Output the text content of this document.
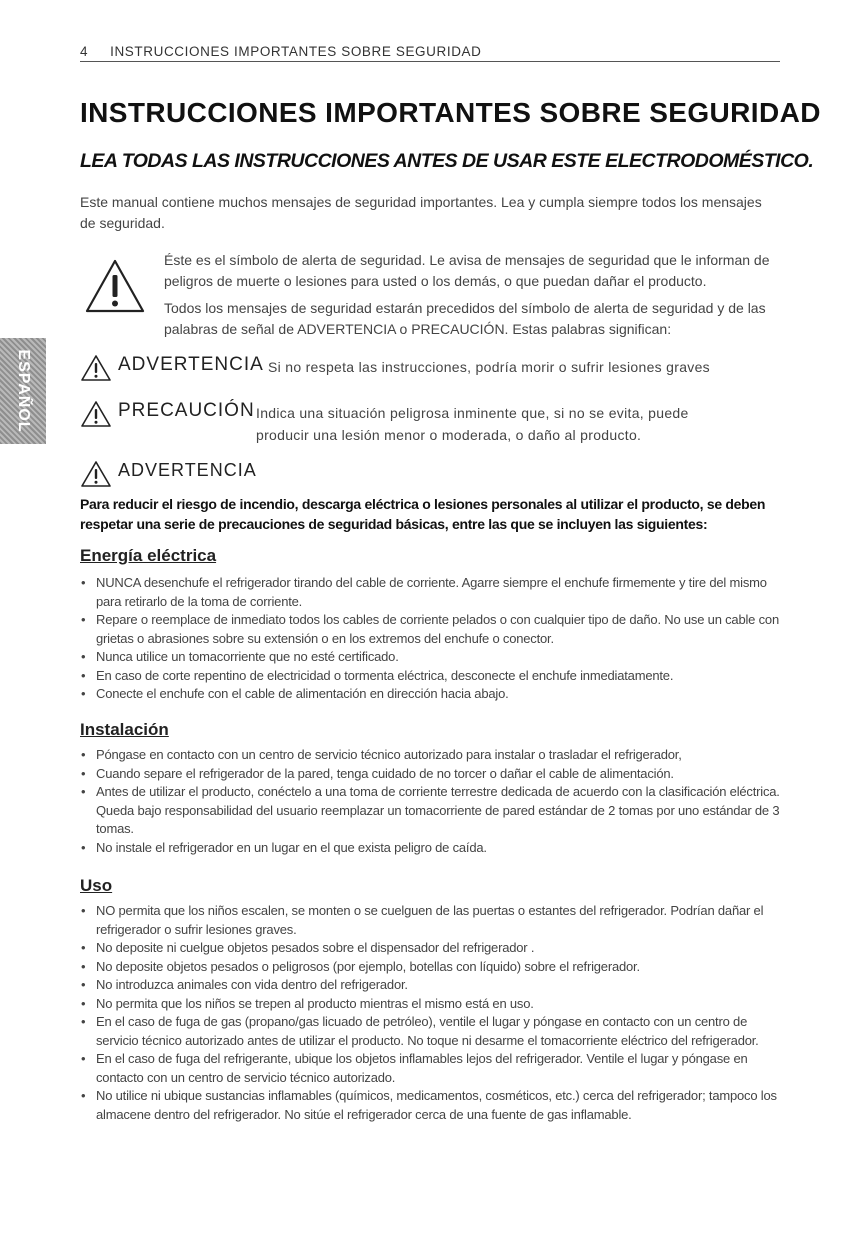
4 INSTRUCCIONES IMPORTANTES SOBRE SEGURIDAD
ESPAÑOL
INSTRUCCIONES IMPORTANTES SOBRE SEGURIDAD
LEA TODAS LAS INSTRUCCIONES ANTES DE USAR ESTE ELECTRODOMÉSTICO.

Este manual contiene muchos mensajes de seguridad importantes. Lea y cumpla siempre todos los mensajes de seguridad.

Éste es el símbolo de alerta de seguridad. Le avisa de mensajes de seguridad que le informan de peligros de muerte o lesiones para usted o los demás, o que puedan dañar el producto.

Todos los mensajes de seguridad estarán precedidos del símbolo de alerta de seguridad y de las palabras de señal de ADVERTENCIA o PRECAUCIÓN. Estas palabras significan:

ADVERTENCIA Si no respeta las instrucciones, podría morir o sufrir lesiones graves
PRECAUCIÓN Indica una situación peligrosa inminente que, si no se evita, puede producir una lesión menor o moderada, o daño al producto.
ADVERTENCIA

Para reducir el riesgo de incendio, descarga eléctrica o lesiones personales al utilizar el producto, se deben respetar una serie de precauciones de seguridad básicas, entre las que se incluyen las siguientes:

Energía eléctrica
• NUNCA desenchufe el refrigerador tirando del cable de corriente. Agarre siempre el enchufe firmemente y tire del mismo para retirarlo de la toma de corriente.
• Repare o reemplace de inmediato todos los cables de corriente pelados o con cualquier tipo de daño. No use un cable con grietas o abrasiones sobre su extensión o en los extremos del enchufe o conector.
• Nunca utilice un tomacorriente que no esté certificado.
• En caso de corte repentino de electricidad o tormenta eléctrica, desconecte el enchufe inmediatamente.
• Conecte el enchufe con el cable de alimentación en dirección hacia abajo.
Instalación
• Póngase en contacto con un centro de servicio técnico autorizado para instalar o trasladar el refrigerador,
• Cuando separe el refrigerador de la pared, tenga cuidado de no torcer o dañar el cable de alimentación.
• Antes de utilizar el producto, conéctelo a una toma de corriente terrestre dedicada de acuerdo con la clasificación eléctrica. Queda bajo responsabilidad del usuario reemplazar un tomacorriente de pared estándar de 2 tomas por uno estándar de 3 tomas.
• No instale el refrigerador en un lugar en el que exista peligro de caída.
Uso
• NO permita que los niños escalen, se monten o se cuelguen de las puertas o estantes del refrigerador. Podrían dañar el refrigerador o sufrir lesiones graves.
• No deposite ni cuelgue objetos pesados sobre el dispensador del refrigerador .
• No deposite objetos pesados o peligrosos (por ejemplo, botellas con líquido) sobre el refrigerador.
• No introduzca animales con vida dentro del refrigerador.
• No permita que los niños se trepen al producto mientras el mismo está en uso.
• En el caso de fuga de gas (propano/gas licuado de petróleo), ventile el lugar y póngase en contacto con un centro de servicio técnico autorizado antes de utilizar el producto. No toque ni desarme el tomacorriente eléctrico del refrigerador.
• En el caso de fuga del refrigerante, ubique los objetos inflamables lejos del refrigerador. Ventile el lugar y póngase en contacto con un centro de servicio técnico autorizado.
• No utilice ni ubique sustancias inflamables (químicos, medicamentos, cosméticos, etc.) cerca del refrigerador; tampoco los almacene dentro del refrigerador. No sitúe el refrigerador cerca de una fuente de gas inflamable.
